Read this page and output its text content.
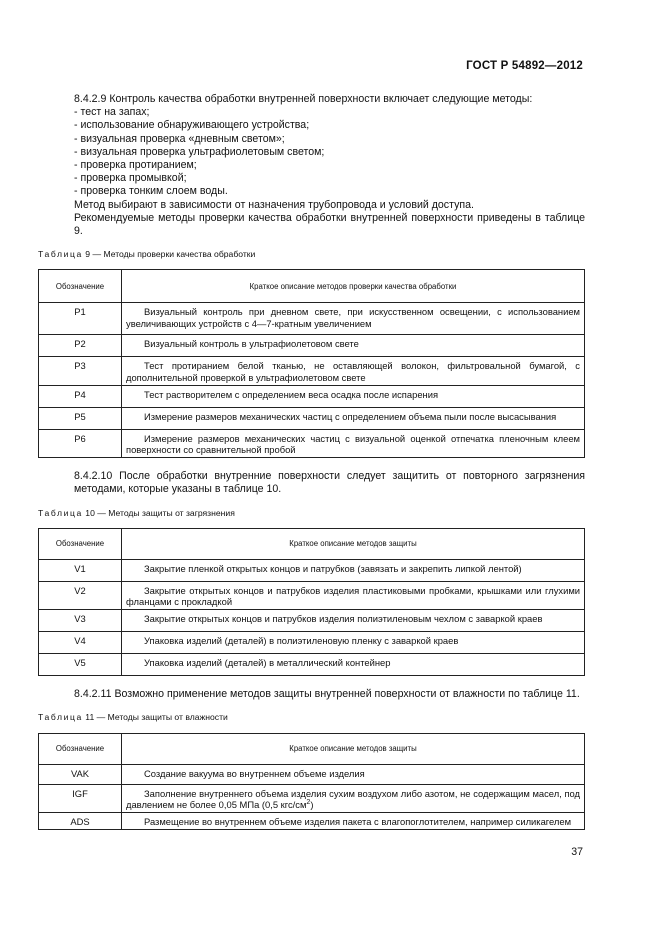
ГОСТ Р 54892—2012

8.4.2.9 Контроль качества обработки внутренней поверхности включает следующие методы:

- тест на запах;
- использование обнаруживающего устройства;
- визуальная проверка «дневным светом»;
- визуальная проверка ультрафиолетовым светом;
- проверка протиранием;
- проверка промывкой;
- проверка тонким слоем воды.

Метод выбирают в зависимости от назначения трубопровода и условий доступа.

Рекомендуемые методы проверки качества обработки внутренней поверхности приведены в таблице 9.

Таблица 9 — Методы проверки качества обработки
Обозначение	Краткое описание методов проверки качества обработки
P1	Визуальный контроль при дневном свете, при искусственном освещении, с использованием увеличивающих устройств с 4—7-кратным увеличением
P2	Визуальный контроль в ультрафиолетовом свете
P3	Тест протиранием белой тканью, не оставляющей волокон, фильтровальной бумагой, с дополнительной проверкой в ультрафиолетовом свете
P4	Тест растворителем с определением веса осадка после испарения
P5	Измерение размеров механических частиц с определением объема пыли после высасывания
P6	Измерение размеров механических частиц с визуальной оценкой отпечатка пленочным клеем поверхности со сравнительной пробой

8.4.2.10 После обработки внутренние поверхности следует защитить от повторного загрязнения методами, которые указаны в таблице 10.

Таблица 10 — Методы защиты от загрязнения
Обозначение	Краткое описание методов защиты
V1	Закрытие пленкой открытых концов и патрубков (завязать и закрепить липкой лентой)
V2	Закрытие открытых концов и патрубков изделия пластиковыми пробками, крышками или глухими фланцами с прокладкой
V3	Закрытие открытых концов и патрубков изделия полиэтиленовым чехлом с заваркой краев
V4	Упаковка изделий (деталей) в полиэтиленовую пленку с заваркой краев
V5	Упаковка изделий (деталей) в металлический контейнер

8.4.2.11 Возможно применение методов защиты внутренней поверхности от влажности по таблице 11.

Таблица 11 — Методы защиты от влажности
Обозначение	Краткое описание методов защиты
VAK	Создание вакуума во внутреннем объеме изделия
IGF	Заполнение внутреннего объема изделия сухим воздухом либо азотом, не содержащим масел, под давлением не более 0,05 МПа (0,5 кгс/$см^2$)
ADS	Размещение во внутреннем объеме изделия пакета с влагопоглотителем, например силикагелем
37
